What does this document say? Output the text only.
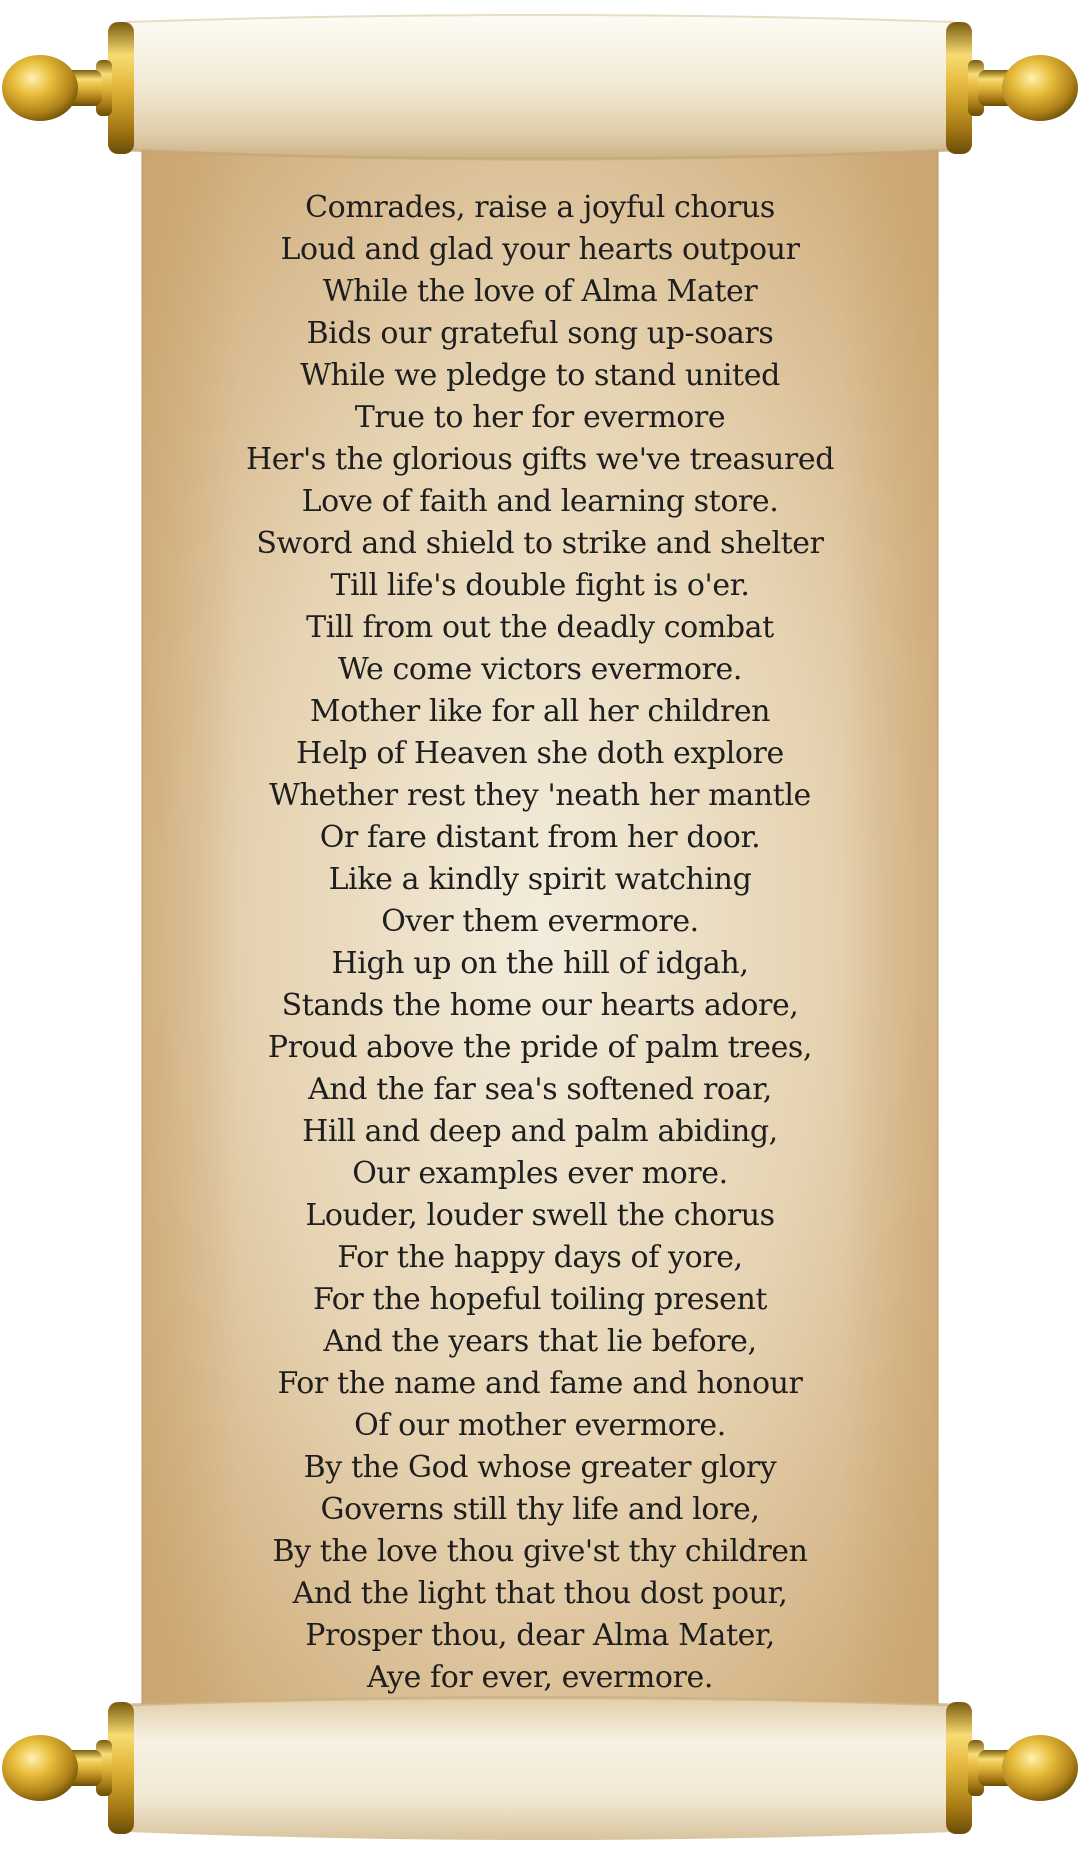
Comrades, raise a joyful chorus
Loud and glad your hearts outpour
While the love of Alma Mater
Bids our grateful song up-soars
While we pledge to stand united
True to her for evermore
Her's the glorious gifts we've treasured
Love of faith and learning store.
Sword and shield to strike and shelter
Till life's double fight is o'er.
Till from out the deadly combat
We come victors evermore.
Mother like for all her children
Help of Heaven she doth explore
Whether rest they 'neath her mantle
Or fare distant from her door.
Like a kindly spirit watching
Over them evermore.
High up on the hill of idgah,
Stands the home our hearts adore,
Proud above the pride of palm trees,
And the far sea's softened roar,
Hill and deep and palm abiding,
Our examples ever more.
Louder, louder swell the chorus
For the happy days of yore,
For the hopeful toiling present
And the years that lie before,
For the name and fame and honour
Of our mother evermore.
By the God whose greater glory
Governs still thy life and lore,
By the love thou give'st thy children
And the light that thou dost pour,
Prosper thou, dear Alma Mater,
Aye for ever, evermore.
